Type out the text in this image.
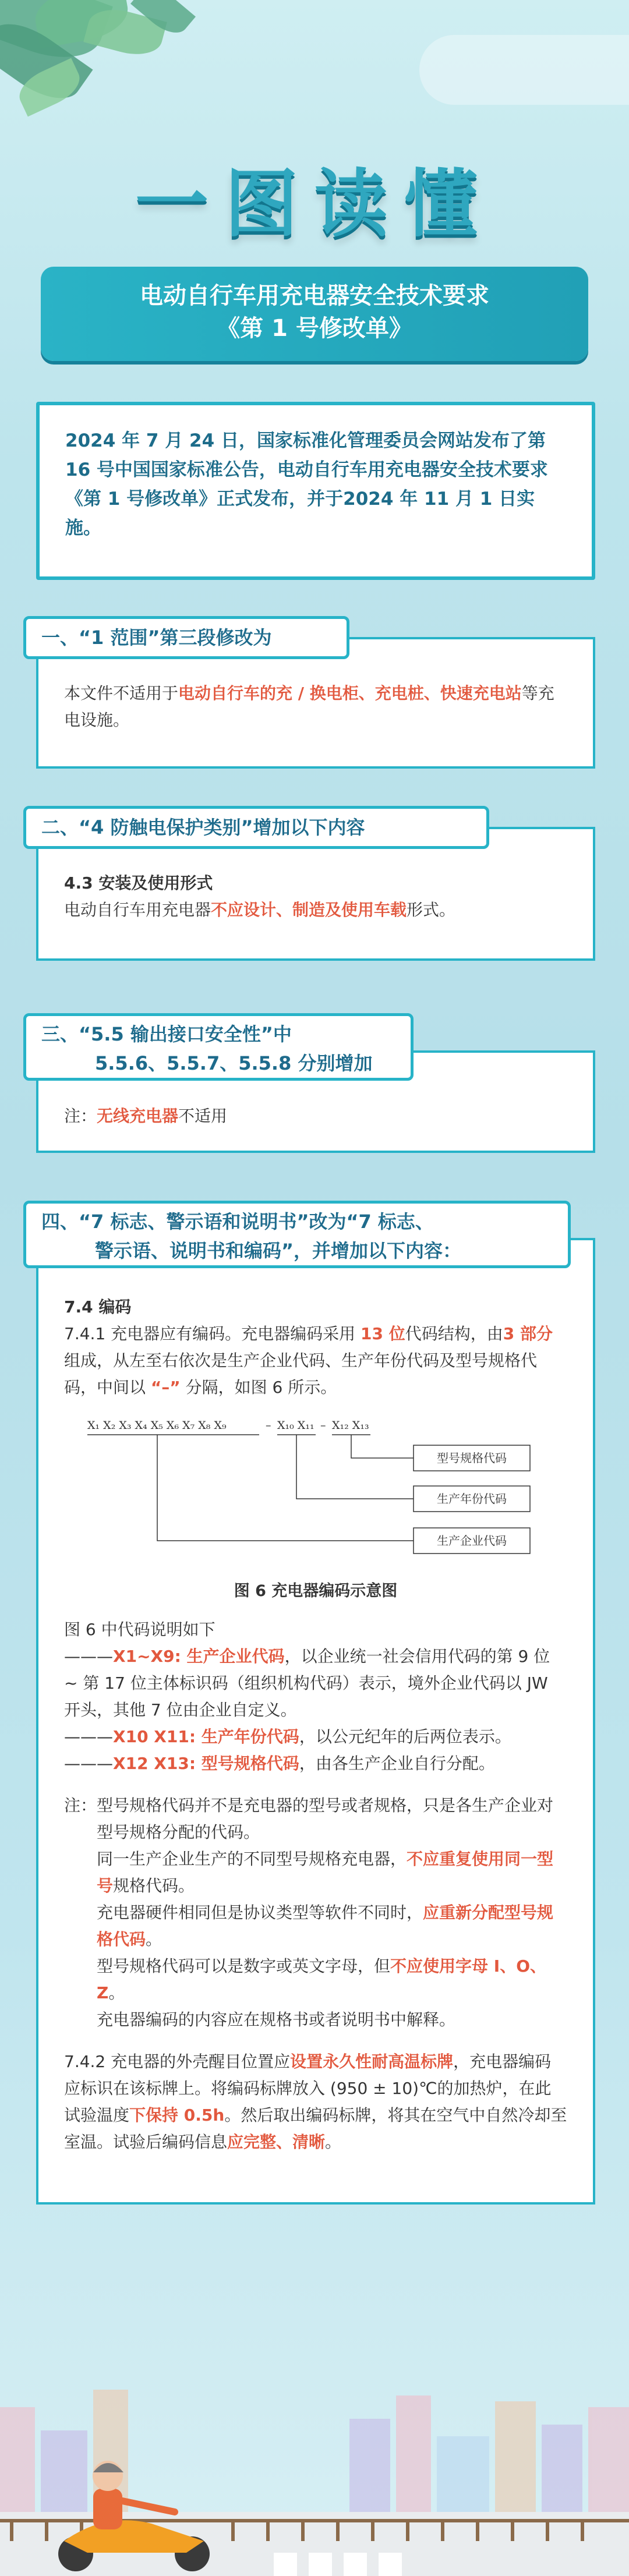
一图读懂
电动自行车用充电器安全技术要求
《第 1 号修改单》
2024 年 7 月 24 日，国家标准化管理委员会网站发布了第 16 号中国国家标准公告，电动自行车用充电器安全技术要求《第 1 号修改单》正式发布，并于2024 年 11 月 1 日实施。
本文件不适用于电动自行车的充 / 换电柜、充电桩、快速充电站等充电设施。
一、“1 范围”第三段修改为
4.3 安装及使用形式
电动自行车用充电器不应设计、制造及使用车载形式。
二、“4 防触电保护类别”增加以下内容
注：无线充电器不适用
三、“5.5 输出接口安全性”中
5.5.6、5.5.7、5.5.8 分别增加
7.4 编码
7.4.1 充电器应有编码。充电器编码采用 13 位代码结构，由3 部分组成，从左至右依次是生产企业代码、生产年份代码及型号规格代码，中间以 “–” 分隔，如图 6 所示。
X₁ X₂ X₃ X₄ X₅ X₆ X₇ X₈ X₉	– X₁₀ X₁₁ – X₁₂ X₁₃
型号规格代码
生产年份代码
生产企业代码
图 6 充电器编码示意图
图 6 中代码说明如下
———X1~X9: 生产企业代码，以企业统一社会信用代码的第 9 位 ~ 第 17 位主体标识码（组织机构代码）表示，境外企业代码以 JW 开头，其他 7 位由企业自定义。
———X10 X11: 生产年份代码，以公元纪年的后两位表示。
———X12 X13: 型号规格代码，由各生产企业自行分配。
注： 型号规格代码并不是充电器的型号或者规格，只是各生产企业对型号规格分配的代码。
同一生产企业生产的不同型号规格充电器，不应重复使用同一型号规格代码。
充电器硬件相同但是协议类型等软件不同时，应重新分配型号规格代码。
型号规格代码可以是数字或英文字母，但不应使用字母 I、O、Z。
充电器编码的内容应在规格书或者说明书中解释。
7.4.2 充电器的外壳醒目位置应设置永久性耐高温标牌，充电器编码应标识在该标牌上。将编码标牌放入 (950 ± 10)℃的加热炉，在此试验温度下保持 0.5h。然后取出编码标牌，将其在空气中自然冷却至室温。试验后编码信息应完整、清晰。
四、“7 标志、警示语和说明书”改为“7 标志、
警示语、说明书和编码”，并增加以下内容：
